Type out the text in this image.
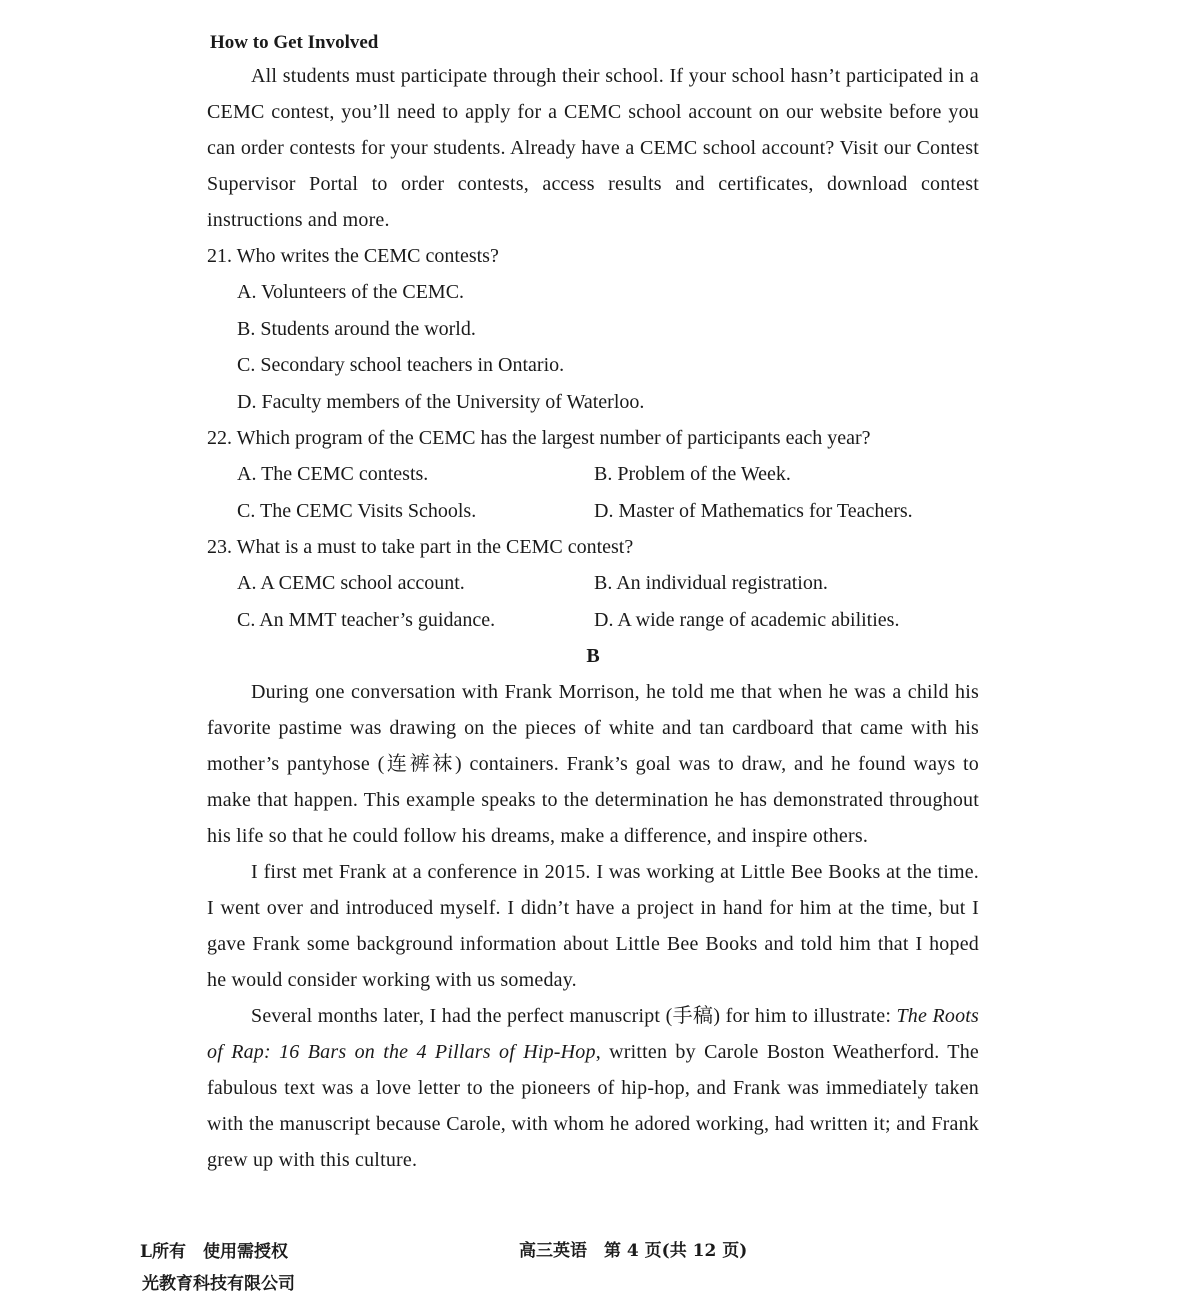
How to Get Involved

All students must participate through their school. If your school hasn’t participated in a CEMC contest, you’ll need to apply for a CEMC school account on our website before you can order contests for your students. Already have a CEMC school account? Visit our Contest Supervisor Portal to order contests, access results and certificates, download contest instructions and more.

21. Who writes the CEMC contests?

A. Volunteers of the CEMC.
B. Students around the world.
C. Secondary school teachers in Ontario.
D. Faculty members of the University of Waterloo.

22. Which program of the CEMC has the largest number of participants each year?

A. The CEMC contests.	B. Problem of the Week.
C. The CEMC Visits Schools.	D. Master of Mathematics for Teachers.

23. What is a must to take part in the CEMC contest?

A. A CEMC school account.	B. An individual registration.
C. An MMT teacher’s guidance.	D. A wide range of academic abilities.

B

During one conversation with Frank Morrison, he told me that when he was a child his favorite pastime was drawing on the pieces of white and tan cardboard that came with his mother’s pantyhose (连裤袜) containers. Frank’s goal was to draw, and he found ways to make that happen. This example speaks to the determination he has demonstrated throughout his life so that he could follow his dreams, make a difference, and inspire others.

I first met Frank at a conference in 2015. I was working at Little Bee Books at the time. I went over and introduced myself. I didn’t have a project in hand for him at the time, but I gave Frank some background information about Little Bee Books and told him that I hoped he would consider working with us someday.

Several months later, I had the perfect manuscript (手稿) for him to illustrate: The Roots of Rap: 16 Bars on the 4 Pillars of Hip-Hop, written by Carole Boston Weatherford. The fabulous text was a love letter to the pioneers of hip-hop, and Frank was immediately taken with the manuscript because Carole, with whom he adored working, had written it; and Frank grew up with this culture.

L所有　使用需授权
光教育科技有限公司
高三英语　第 4 页(共 12 页)
